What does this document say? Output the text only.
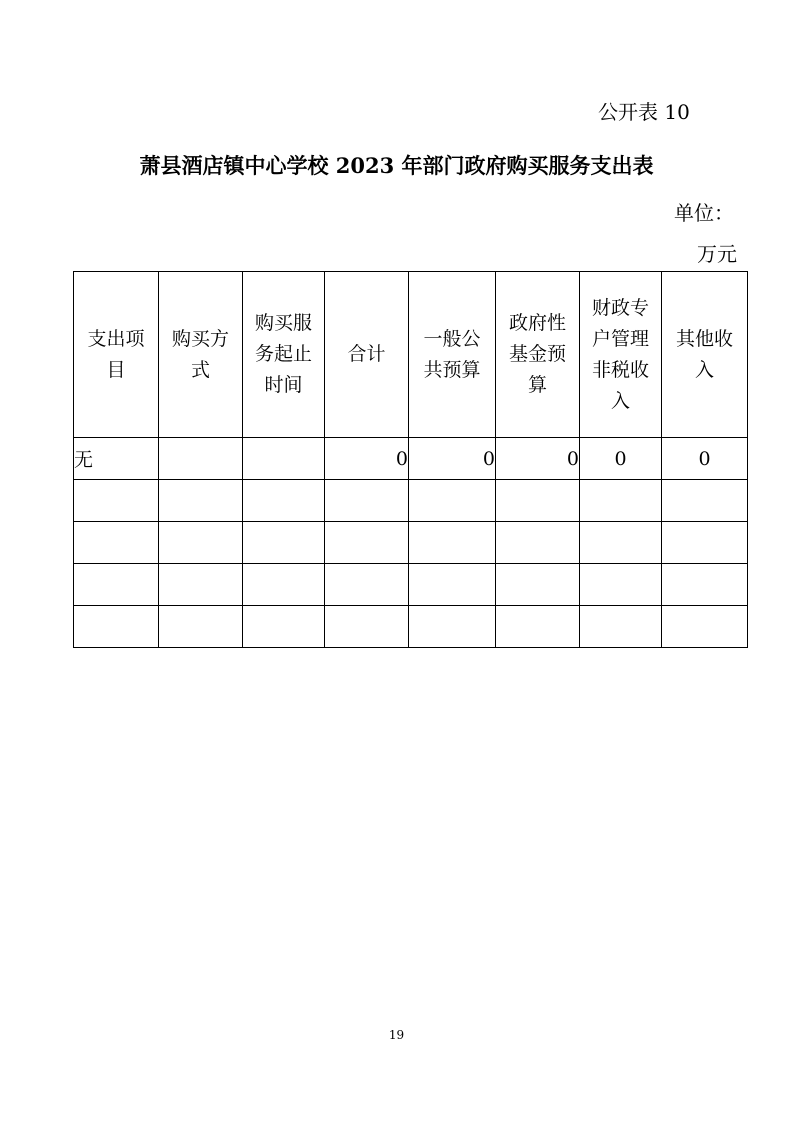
公开表 10
萧县酒店镇中心学校 2023 年部门政府购买服务支出表
单位：
万元
支出项目	购买方式	购买服务起止时间	合计	一般公共预算	政府性基金预算	财政专户管理非税收入	其他收入
无			0	0	0	0	0

19
